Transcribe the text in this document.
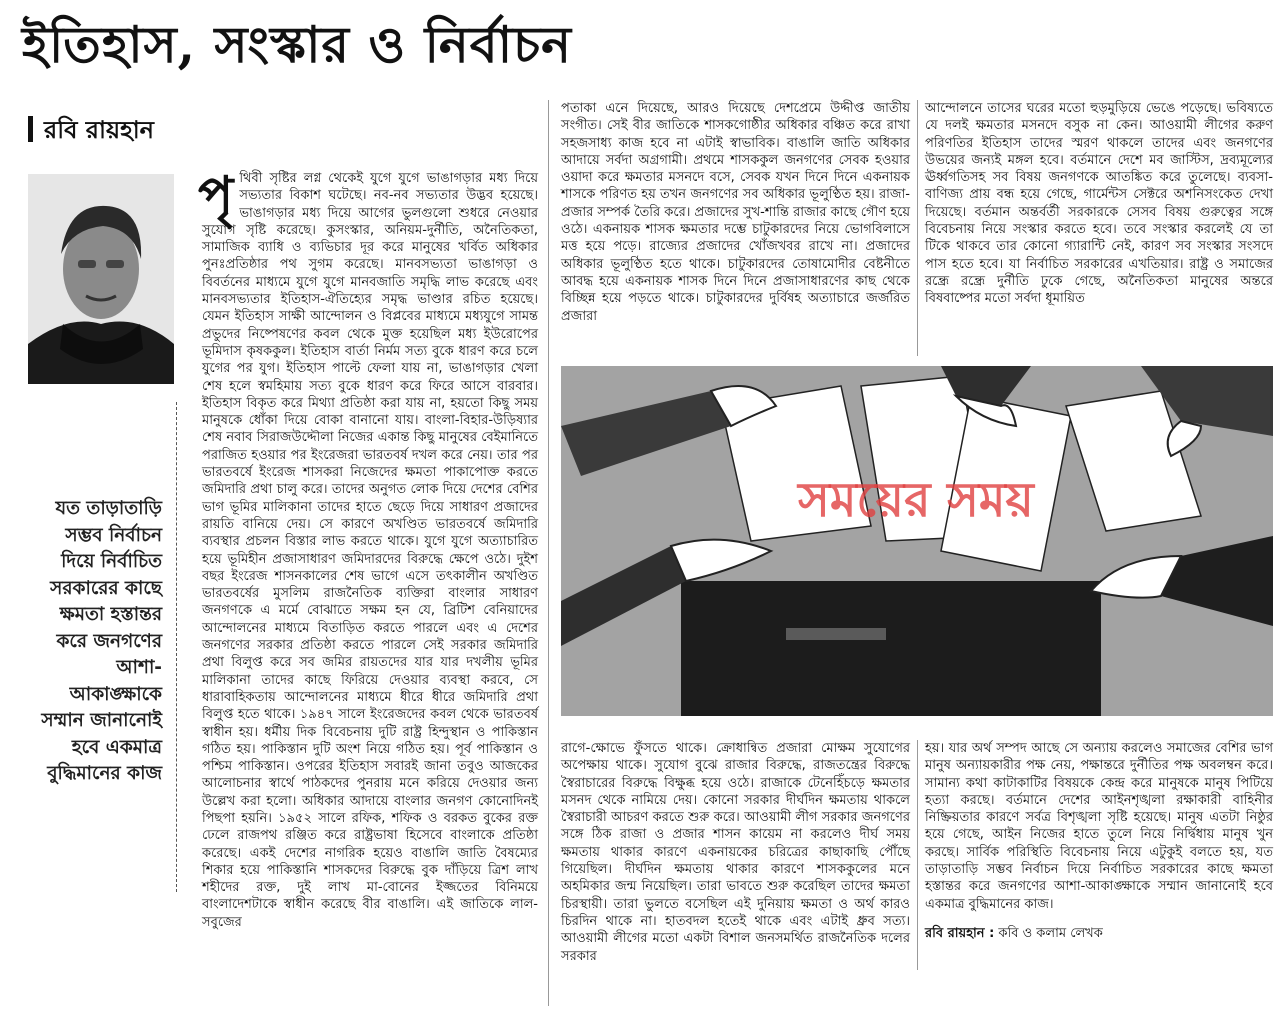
ইতিহাস, সংস্কার ও নির্বাচন
রবি রায়হান
পৃ থিবী সৃষ্টির লগ্ন থেকেই যুগে যুগে ভাঙাগড়ার মধ্য দিয়ে সভ্যতার বিকাশ ঘটেছে। নব-নব সভ্যতার উদ্ভব হয়েছে। ভাঙাগড়ার মধ্য দিয়ে আগের ভুলগুলো শুধরে নেওয়ার সুযোগ সৃষ্টি করেছে। কুসংস্কার, অনিয়ম-দুর্নীতি, অনৈতিকতা, সামাজিক ব্যাধি ও ব্যভিচার দূর করে মানুষের খর্বিত অধিকার পুনঃপ্রতিষ্ঠার পথ সুগম করেছে। মানবসভ্যতা ভাঙাগড়া ও বিবর্তনের মাধ্যমে যুগে যুগে মানবজাতি সমৃদ্ধি লাভ করেছে এবং মানবসভ্যতার ইতিহাস-ঐতিহ্যের সমৃদ্ধ ভাণ্ডার রচিত হয়েছে। যেমন ইতিহাস সাক্ষী আন্দোলন ও বিপ্লবের মাধ্যমে মধ্যযুগে সামন্ত প্রভুদের নিষ্পেষণের কবল থেকে মুক্ত হয়েছিল মধ্য ইউরোপের ভূমিদাস কৃষককুল। ইতিহাস বার্তা নির্মম সত্য বুকে ধারণ করে চলে যুগের পর যুগ। ইতিহাস পাল্টে ফেলা যায় না, ভাঙাগড়ার খেলা শেষ হলে স্বমহিমায় সত্য বুকে ধারণ করে ফিরে আসে বারবার। ইতিহাস বিকৃত করে মিথ্যা প্রতিষ্ঠা করা যায় না, হয়তো কিছু সময় মানুষকে ধোঁকা দিয়ে বোকা বানানো যায়। বাংলা-বিহার-উড়িষ্যার শেষ নবাব সিরাজউদ্দৌলা নিজের একান্ত কিছু মানুষের বেইমানিতে পরাজিত হওয়ার পর ইংরেজরা ভারতবর্ষ দখল করে নেয়। তার পর ভারতবর্ষে ইংরেজ শাসকরা নিজেদের ক্ষমতা পাকাপোক্ত করতে জমিদারি প্রথা চালু করে। তাদের অনুগত লোক দিয়ে দেশের বেশির ভাগ ভূমির মালিকানা তাদের হাতে ছেড়ে দিয়ে সাধারণ প্রজাদের রায়তি বানিয়ে দেয়। সে কারণে অখণ্ডিত ভারতবর্ষে জমিদারি ব্যবস্থার প্রচলন বিস্তার লাভ করতে থাকে। যুগে যুগে অত্যাচারিত হয়ে ভূমিহীন প্রজাসাধারণ জমিদারদের বিরুদ্ধে ক্ষেপে ওঠে। দুইশ বছর ইংরেজ শাসনকালের শেষ ভাগে এসে তৎকালীন অখণ্ডিত ভারতবর্ষের মুসলিম রাজনৈতিক ব্যক্তিরা বাংলার সাধারণ জনগণকে এ মর্মে বোঝাতে সক্ষম হন যে, ব্রিটিশ বেনিয়াদের আন্দোলনের মাধ্যমে বিতাড়িত করতে পারলে এবং এ দেশের জনগণের সরকার প্রতিষ্ঠা করতে পারলে সেই সরকার জমিদারি প্রথা বিলুপ্ত করে সব জমির রায়তদের যার যার দখলীয় ভূমির মালিকানা তাদের কাছে ফিরিয়ে দেওয়ার ব্যবস্থা করবে, সে ধারাবাহিকতায় আন্দোলনের মাধ্যমে ধীরে ধীরে জমিদারি প্রথা বিলুপ্ত হতে থাকে। ১৯৪৭ সালে ইংরেজদের কবল থেকে ভারতবর্ষ স্বাধীন হয়। ধর্মীয় দিক বিবেচনায় দুটি রাষ্ট্র হিন্দুস্থান ও পাকিস্তান গঠিত হয়। পাকিস্তান দুটি অংশ নিয়ে গঠিত হয়। পূর্ব পাকিস্তান ও পশ্চিম পাকিস্তান। ওপরের ইতিহাস সবারই জানা তবুও আজকের আলোচনার স্বার্থে পাঠকদের পুনরায় মনে করিয়ে দেওয়ার জন্য উল্লেখ করা হলো। অধিকার আদায়ে বাংলার জনগণ কোনোদিনই পিছপা হয়নি। ১৯৫২ সালে রফিক, শফিক ও বরকত বুকের রক্ত ঢেলে রাজপথ রঞ্জিত করে রাষ্ট্রভাষা হিসেবে বাংলাকে প্রতিষ্ঠা করেছে। একই দেশের নাগরিক হয়েও বাঙালি জাতি বৈষম্যের শিকার হয়ে পাকিস্তানি শাসকদের বিরুদ্ধে বুক দাঁড়িয়ে ত্রিশ লাখ শহীদের রক্ত, দুই লাখ মা-বোনের ইজ্জতের বিনিময়ে বাংলাদেশটাকে স্বাধীন করেছে বীর বাঙালি। এই জাতিকে লাল-সবুজের

যত তাড়াতাড়ি সম্ভব নির্বাচন দিয়ে নির্বাচিত সরকারের কাছে ক্ষমতা হস্তান্তর করে জনগণের আশা-আকাঙ্ক্ষাকে সম্মান জানানোই হবে একমাত্র বুদ্ধিমানের কাজ

পতাকা এনে দিয়েছে, আরও দিয়েছে দেশপ্রেমে উদ্দীপ্ত জাতীয় সংগীত। সেই বীর জাতিকে শাসকগোষ্ঠীর অধিকার বঞ্চিত করে রাখা সহজসাধ্য কাজ হবে না এটাই স্বাভাবিক। বাঙালি জাতি অধিকার আদায়ে সর্বদা অগ্রগামী। প্রথমে শাসককুল জনগণের সেবক হওয়ার ওয়াদা করে ক্ষমতার মসনদে বসে, সেবক যখন দিনে দিনে একনায়ক শাসকে পরিণত হয় তখন জনগণের সব অধিকার ভূলুণ্ঠিত হয়। রাজা-প্রজার সম্পর্ক তৈরি করে। প্রজাদের সুখ-শান্তি রাজার কাছে গৌণ হয়ে ওঠে। একনায়ক শাসক ক্ষমতার দম্ভে চাটুকারদের নিয়ে ভোগবিলাসে মত্ত হয়ে পড়ে। রাজ্যের প্রজাদের খোঁজখবর রাখে না। প্রজাদের অধিকার ভূলুণ্ঠিত হতে থাকে। চাটুকারদের তোষামোদীর বেষ্টনীতে আবদ্ধ হয়ে একনায়ক শাসক দিনে দিনে প্রজাসাধারণের কাছ থেকে বিচ্ছিন্ন হয়ে পড়তে থাকে। চাটুকারদের দুর্বিষহ অত্যাচারে জর্জরিত প্রজারা

আন্দোলনে তাসের ঘরের মতো হুড়মুড়িয়ে ভেঙে পড়েছে। ভবিষ্যতে যে দলই ক্ষমতার মসনদে বসুক না কেন। আওয়ামী লীগের করুণ পরিণতির ইতিহাস তাদের স্মরণ থাকলে তাদের এবং জনগণের উভয়ের জন্যই মঙ্গল হবে। বর্তমানে দেশে মব জাস্টিস, দ্রব্যমূল্যের ঊর্ধ্বগতিসহ সব বিষয় জনগণকে আতঙ্কিত করে তুলেছে। ব্যবসা-বাণিজ্য প্রায় বন্ধ হয়ে গেছে, গার্মেন্টস সেক্টরে অশনিসংকেত দেখা দিয়েছে। বর্তমান অন্তর্বর্তী সরকারকে সেসব বিষয় গুরুত্বের সঙ্গে বিবেচনায় নিয়ে সংস্কার করতে হবে। তবে সংস্কার করলেই যে তা টিকে থাকবে তার কোনো গ্যারান্টি নেই, কারণ সব সংস্কার সংসদে পাস হতে হবে। যা নির্বাচিত সরকারের এখতিয়ার। রাষ্ট্র ও সমাজের রন্ধ্রে রন্ধ্রে দুর্নীতি ঢুকে গেছে, অনৈতিকতা মানুষের অন্তরে বিষবাষ্পের মতো সর্বদা ধূমায়িত

সময়ের সময়

রাগে-ক্ষোভে ফুঁসতে থাকে। ক্রোধান্বিত প্রজারা মোক্ষম সুযোগের অপেক্ষায় থাকে। সুযোগ বুঝে রাজার বিরুদ্ধে, রাজতন্ত্রের বিরুদ্ধে স্বৈরাচারের বিরুদ্ধে বিক্ষুব্ধ হয়ে ওঠে। রাজাকে টেনেহিঁচড়ে ক্ষমতার মসনদ থেকে নামিয়ে দেয়। কোনো সরকার দীর্ঘদিন ক্ষমতায় থাকলে স্বৈরাচারী আচরণ করতে শুরু করে। আওয়ামী লীগ সরকার জনগণের সঙ্গে ঠিক রাজা ও প্রজার শাসন কায়েম না করলেও দীর্ঘ সময় ক্ষমতায় থাকার কারণে একনায়কের চরিত্রের কাছাকাছি পৌঁছে গিয়েছিল। দীর্ঘদিন ক্ষমতায় থাকার কারণে শাসককুলের মনে অহমিকার জন্ম নিয়েছিল। তারা ভাবতে শুরু করেছিল তাদের ক্ষমতা চিরস্থায়ী। তারা ভুলতে বসেছিল এই দুনিয়ায় ক্ষমতা ও অর্থ কারও চিরদিন থাকে না। হাতবদল হতেই থাকে এবং এটাই ধ্রুব সত্য। আওয়ামী লীগের মতো একটা বিশাল জনসমর্থিত রাজনৈতিক দলের সরকার

হয়। যার অর্থ সম্পদ আছে সে অন্যায় করলেও সমাজের বেশির ভাগ মানুষ অন্যায়কারীর পক্ষ নেয়, পক্ষান্তরে দুর্নীতির পক্ষ অবলম্বন করে। সামান্য কথা কাটাকাটির বিষয়কে কেন্দ্র করে মানুষকে মানুষ পিটিয়ে হত্যা করছে। বর্তমানে দেশের আইনশৃঙ্খলা রক্ষাকারী বাহিনীর নিষ্ক্রিয়তার কারণে সর্বত্র বিশৃঙ্খলা সৃষ্টি হয়েছে। মানুষ এতটা নিষ্ঠুর হয়ে গেছে, আইন নিজের হাতে তুলে নিয়ে নির্দ্বিধায় মানুষ খুন করছে। সার্বিক পরিস্থিতি বিবেচনায় নিয়ে এটুকুই বলতে হয়, যত তাড়াতাড়ি সম্ভব নির্বাচন দিয়ে নির্বাচিত সরকারের কাছে ক্ষমতা হস্তান্তর করে জনগণের আশা-আকাঙ্ক্ষাকে সম্মান জানানোই হবে একমাত্র বুদ্ধিমানের কাজ।

রবি রায়হান : কবি ও কলাম লেখক
